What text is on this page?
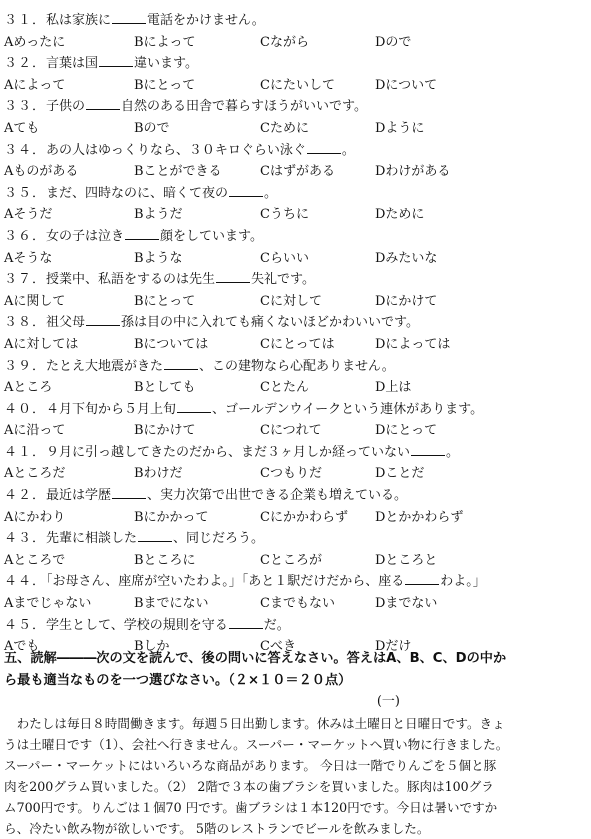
３１．私は家族に	電話をかけません。
Aめったに	Bによって	Cながら	Dので
３２．言葉は国	違います。
Aによって	Bにとって	Cにたいして	Dについて
３３．子供の	自然のある田舎で暮らすほうがいいです。
Aても	Bので	Cために	Dように
３４．あの人はゆっくりなら、３０キロぐらい泳ぐ	。
Aものがある	Bことができる	Cはずがある	Dわけがある
３５．まだ、四時なのに、暗くて夜の	。
Aそうだ	Bようだ	Cうちに	Dために
３６．女の子は泣き	顔をしています。
Aそうな	Bような	Cらいい	Dみたいな
３７．授業中、私語をするのは先生	失礼です。
Aに関して	Bにとって	Cに対して	Dにかけて
３８．祖父母	孫は目の中に入れても痛くないほどかわいいです。
Aに対しては	Bについては	Cにとっては	Dによっては
３９．たとえ大地震がきた	、この建物なら心配ありません。
Aところ	Bとしても	Cとたん	D上は
４０．４月下旬から５月上旬	、ゴールデンウイークという連休があります。
Aに沿って	Bにかけて	Cにつれて	Dにとって
４１．９月に引っ越してきたのだから、まだ３ヶ月しか経っていない	。
Aところだ	Bわけだ	Cつもりだ	Dことだ
４２．最近は学歴	、実力次第で出世できる企業も増えている。
Aにかわり	Bにかかって	Cにかかわらず Dとかかわらず
４３．先輩に相談した	、同じだろう。
Aところで	Bところに	Cところが	Dところと
４４．「お母さん、座席が空いたわよ。」「あと１駅だけだから、座る	わよ。」
Aまでじゃない	Bまでにない	Cまでもない	Dまでない
４５．学生として、学校の規則を守る	だ。
Aでも	Bしか	Cべき	Dだけ
五、読解―――次の文を読んで、後の問いに答えなさい。答えはA、B、C、Dの中か
ら最も適当なものを一つ選びなさい。（２×１０＝２０点）
(一)
　わたしは毎日８時間働きます。毎週５日出勤します。休みは土曜日と日曜日です。きょ
うは土曜日です（1）、会社へ行きません。スーパー・マーケットへ買い物に行きました。
スーパー・マーケットにはいろいろな商品があります。 今日は一階でりんごを５個と豚
肉を200グラム買いました。（2） 2階で３本の歯ブラシを買いました。豚肉は100グラ
ム700円です。りんごは１個70 円です。歯ブラシは１本120円です。今日は暑いですか
ら、冷たい飲み物が欲しいです。 5階のレストランでビールを飲みました。
